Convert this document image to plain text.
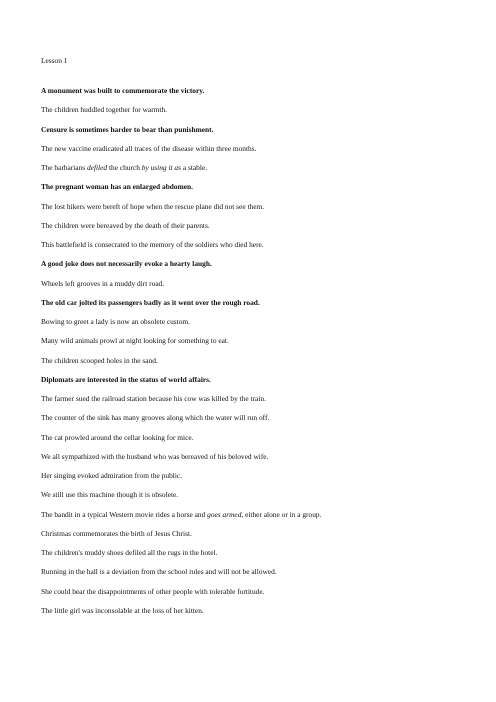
Lesson 1
A monument was built to commemorate the victory.
The children huddled together for warmth.
Censure is sometimes harder to bear than punishment.
The new vaccine eradicated all traces of the disease within three months.
The barbarians defiled the church by using it as a stable.
The pregnant woman has an enlarged abdomen.
The lost hikers were bereft of hope when the rescue plane did not see them.
The children were bereaved by the death of their parents.
This battlefield is consecrated to the memory of the soldiers who died here.
A good joke does not necessarily evoke a hearty laugh.
Wheels left grooves in a muddy dirt road.
The old car jolted its passengers badly as it went over the rough road.
Bowing to greet a lady is now an obsolete custom.
Many wild animals prowl at night looking for something to eat.
The children scooped holes in the sand.
Diplomats are interested in the status of world affairs.
The farmer sued the railroad station because his cow was killed by the train.
The counter of the sink has many grooves along which the water will run off.
The cat prowled around the cellar looking for mice.
We all sympathized with the husband who was bereaved of his beloved wife.
Her singing evoked admiration from the public.
We still use this machine though it is obsolete.
The bandit in a typical Western movie rides a horse and goes armed, either alone or in a group.
Christmas commemorates the birth of Jesus Christ.
The children's muddy shoes defiled all the rugs in the hotel.
Running in the hall is a deviation from the school rules and will not be allowed.
She could bear the disappointments of other people with tolerable fortitude.
The little girl was inconsolable at the loss of her kitten.
